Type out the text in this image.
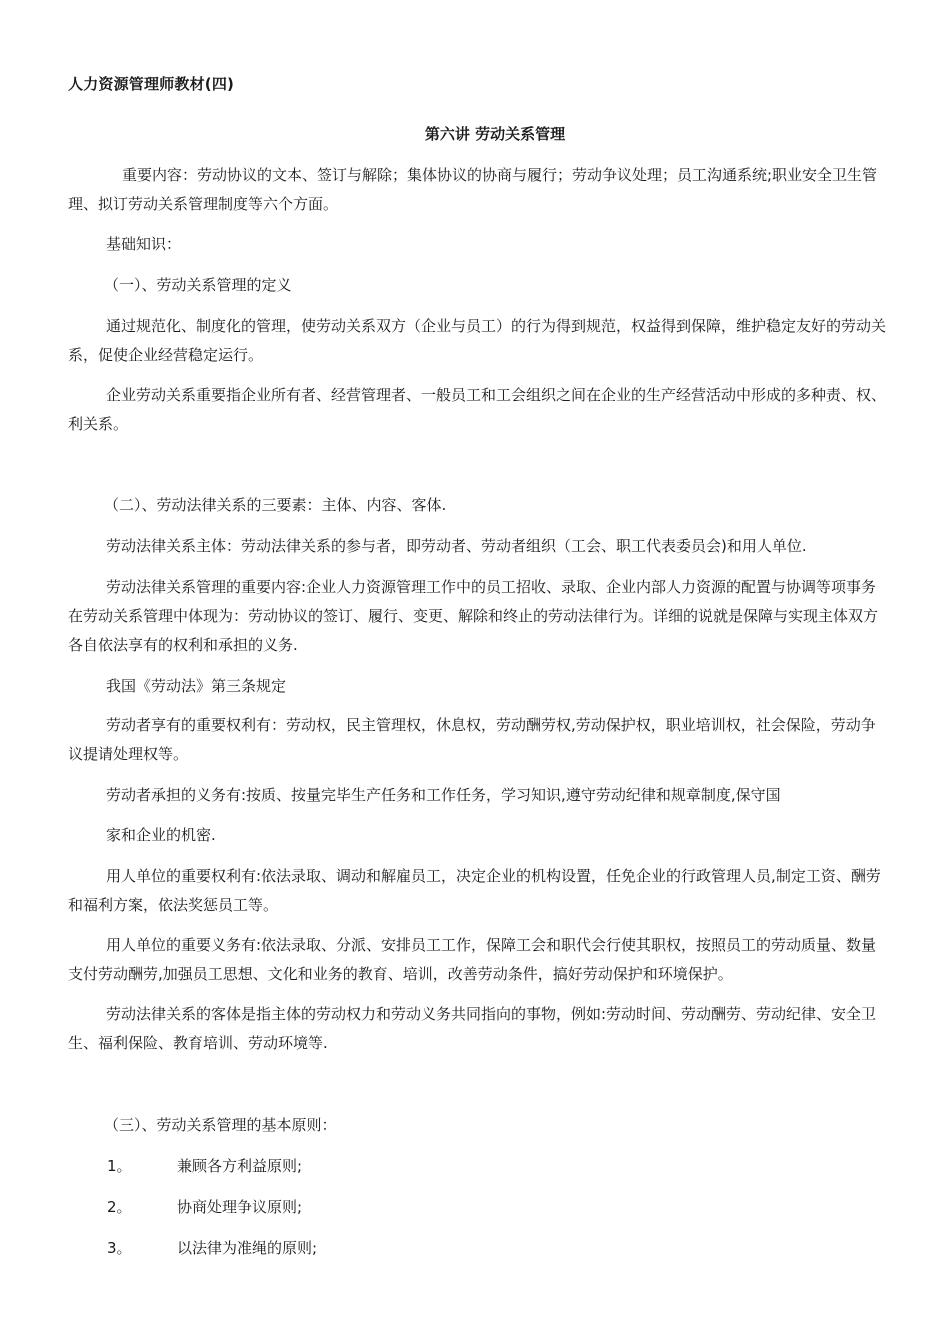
人力资源管理师教材(四)
第六讲 劳动关系管理

重要内容：劳动协议的文本、签订与解除；集体协议的协商与履行；劳动争议处理；员工沟通系统;职业安全卫生管理、拟订劳动关系管理制度等六个方面。

基础知识：

（一）、劳动关系管理的定义

通过规范化、制度化的管理，使劳动关系双方（企业与员工）的行为得到规范，权益得到保障，维护稳定友好的劳动关系，促使企业经营稳定运行。

企业劳动关系重要指企业所有者、经营管理者、一般员工和工会组织之间在企业的生产经营活动中形成的多种责、权、利关系。

（二）、劳动法律关系的三要素：主体、内容、客体.

劳动法律关系主体：劳动法律关系的参与者，即劳动者、劳动者组织（工会、职工代表委员会)和用人单位.

劳动法律关系管理的重要内容:企业人力资源管理工作中的员工招收、录取、企业内部人力资源的配置与协调等项事务在劳动关系管理中体现为：劳动协议的签订、履行、变更、解除和终止的劳动法律行为。详细的说就是保障与实现主体双方各自依法享有的权利和承担的义务.

我国《劳动法》第三条规定

劳动者享有的重要权利有：劳动权，民主管理权，休息权，劳动酬劳权,劳动保护权，职业培训权，社会保险，劳动争议提请处理权等。

劳动者承担的义务有:按质、按量完毕生产任务和工作任务，学习知识,遵守劳动纪律和规章制度,保守国

家和企业的机密.

用人单位的重要权利有:依法录取、调动和解雇员工，决定企业的机构设置，任免企业的行政管理人员,制定工资、酬劳和福利方案，依法奖惩员工等。

用人单位的重要义务有:依法录取、分派、安排员工工作，保障工会和职代会行使其职权，按照员工的劳动质量、数量支付劳动酬劳,加强员工思想、文化和业务的教育、培训，改善劳动条件，搞好劳动保护和环境保护。

劳动法律关系的客体是指主体的劳动权力和劳动义务共同指向的事物，例如:劳动时间、劳动酬劳、劳动纪律、安全卫生、福利保险、教育培训、劳动环境等.

（三）、劳动关系管理的基本原则：

1。	兼顾各方利益原则;

2。	协商处理争议原则;

3。	以法律为准绳的原则;
